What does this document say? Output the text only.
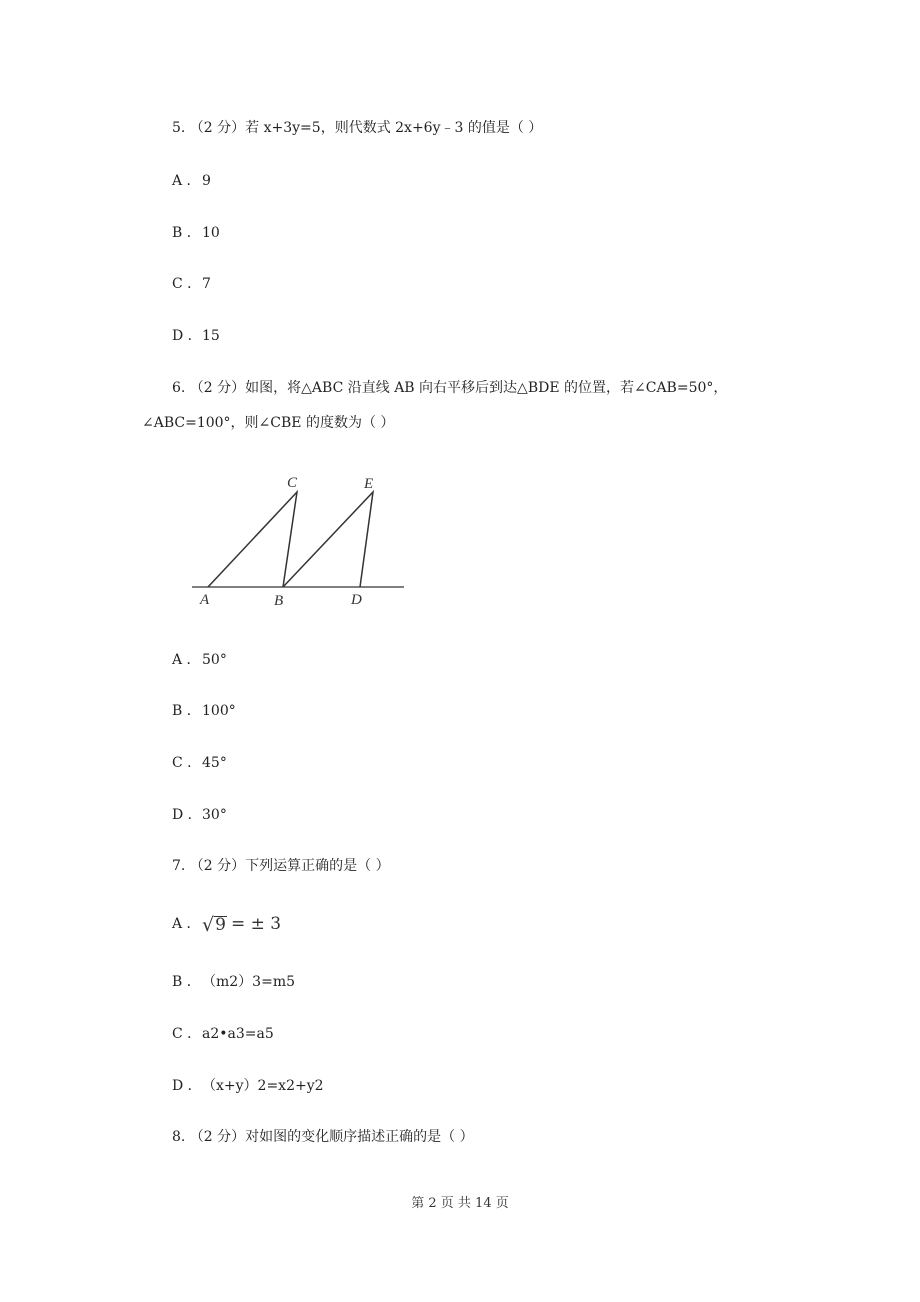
5. （2 分）若 x+3y=5，则代数式 2x+6y﹣3 的值是（ ）
A ．9
B ．10
C ．7
D ．15
6. （2 分）如图，将△ABC 沿直线 AB 向右平移后到达△BDE 的位置，若∠CAB=50°，
∠ABC=100°，则∠CBE 的度数为（ ）
C	E
A	B	D
A ．50°
B ．100°
C ．45°
D ．30°
7. （2 分）下列运算正确的是（ ）
A ． √ 9 = ± 3
B ．（m2）3=m5
C ．a2•a3=a5
D ．（x+y）2=x2+y2
8. （2 分）对如图的变化顺序描述正确的是（ ）
第 2 页 共 14 页
